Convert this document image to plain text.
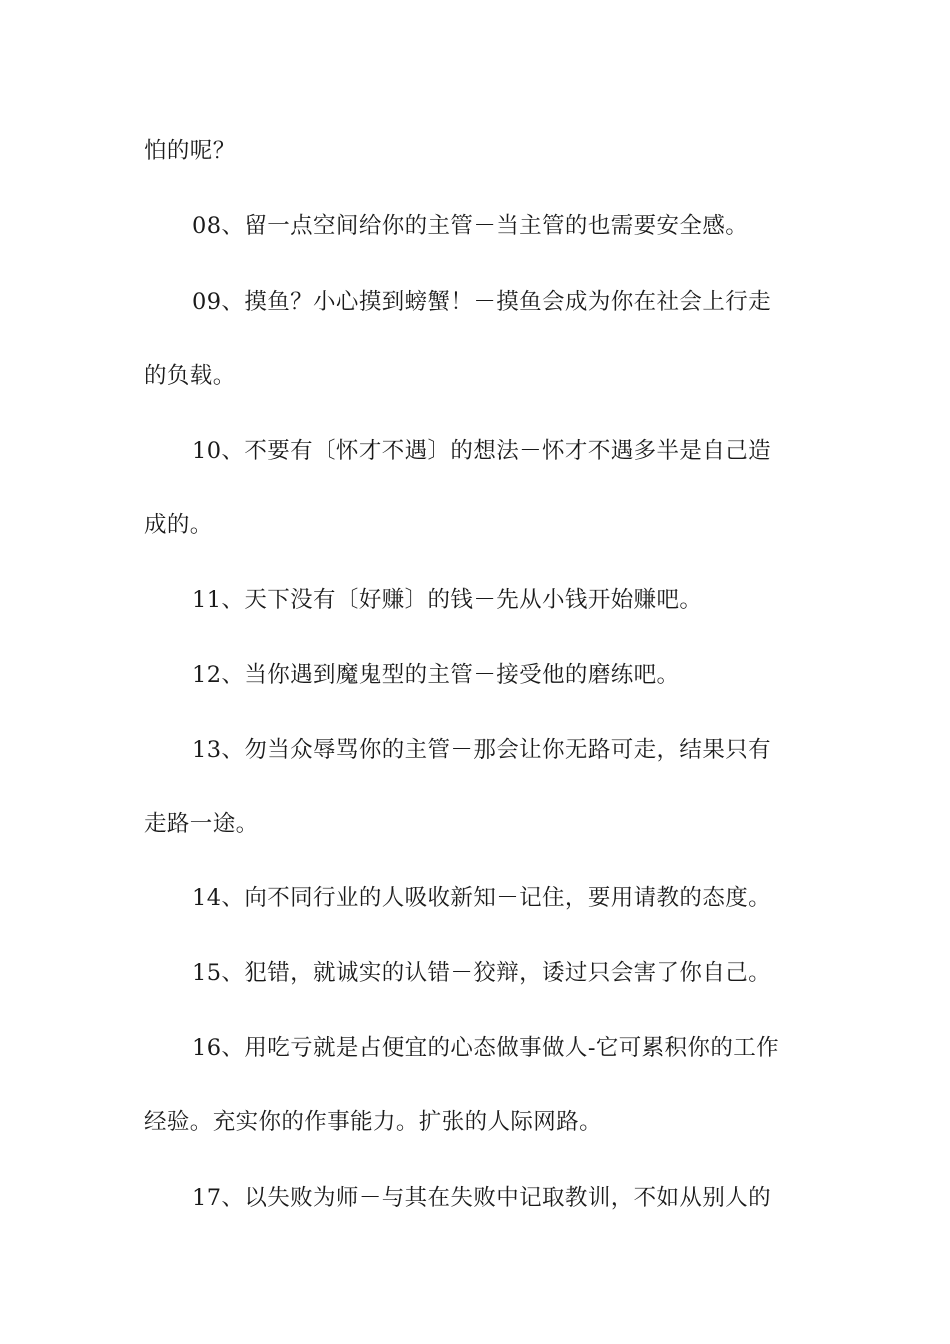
怕的呢？
08、留一点空间给你的主管－当主管的也需要安全感。
09、摸鱼？小心摸到螃蟹！－摸鱼会成为你在社会上行走
的负载。
10、不要有〔怀才不遇〕的想法－怀才不遇多半是自己造
成的。
11、天下没有〔好赚〕的钱－先从小钱开始赚吧。
12、当你遇到魔鬼型的主管－接受他的磨练吧。
13、勿当众辱骂你的主管－那会让你无路可走，结果只有
走路一途。
14、向不同行业的人吸收新知－记住，要用请教的态度。
15、犯错，就诚实的认错－狡辩，诿过只会害了你自己。
16、用吃亏就是占便宜的心态做事做人-它可累积你的工作
经验。充实你的作事能力。扩张的人际网路。
17、以失败为师－与其在失败中记取教训，不如从别人的
